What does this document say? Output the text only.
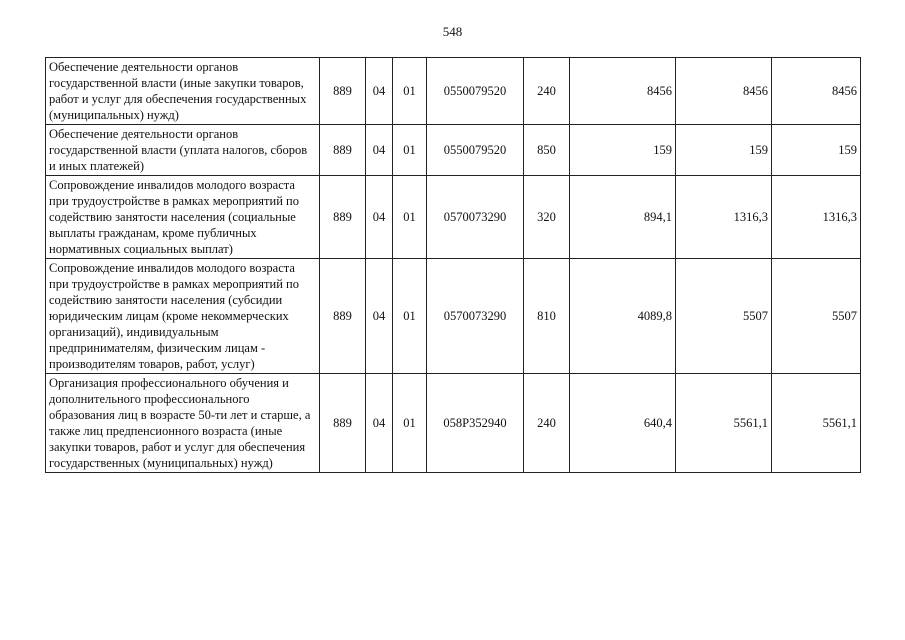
548
Обеспечение деятельности органов государственной власти (иные закупки товаров, работ и услуг для обеспечения государственных (муниципальных) нужд)	889	04	01	0550079520	240	8456	8456	8456
Обеспечение деятельности органов государственной власти (уплата налогов, сборов и иных платежей)	889	04	01	0550079520	850	159	159	159
Сопровождение инвалидов молодого возраста при трудоустройстве в рамках мероприятий по содействию занятости населения (социальные выплаты гражданам, кроме публичных нормативных социальных выплат)	889	04	01	0570073290	320	894,1	1316,3	1316,3
Сопровождение инвалидов молодого возраста при трудоустройстве в рамках мероприятий по содействию занятости населения (субсидии юридическим лицам (кроме некоммерческих организаций), индивидуальным предпринимателям, физическим лицам - производителям товаров, работ, услуг)	889	04	01	0570073290	810	4089,8	5507	5507
Организация профессионального обучения и дополнительного профессионального образования лиц в возрасте 50-ти лет и старше, а также лиц предпенсионного возраста (иные закупки товаров, работ и услуг для обеспечения государственных (муниципальных) нужд)	889	04	01	058P352940	240	640,4	5561,1	5561,1
